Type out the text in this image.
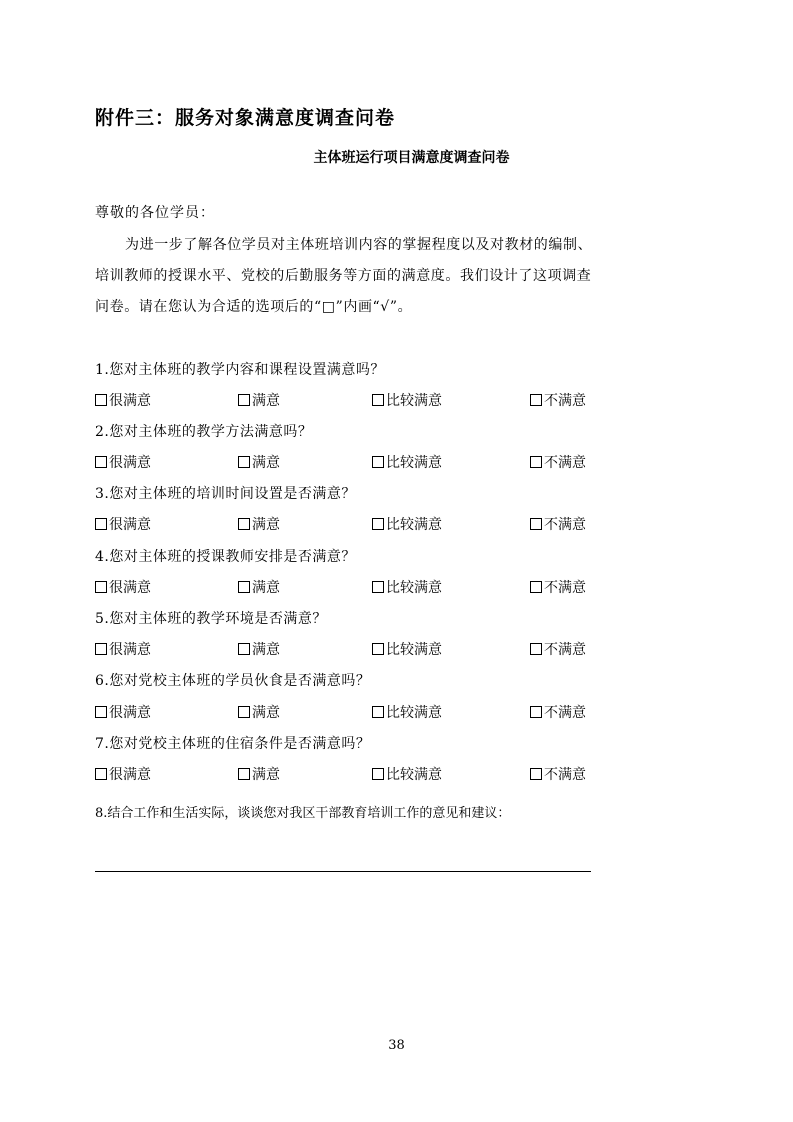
附件三：服务对象满意度调查问卷
主体班运行项目满意度调查问卷
尊敬的各位学员：
为进一步了解各位学员对主体班培训内容的掌握程度以及对教材的编制、培训教师的授课水平、党校的后勤服务等方面的满意度。我们设计了这项调查问卷。请在您认为合适的选项后的“□”内画“√”。
1.您对主体班的教学内容和课程设置满意吗？
很满意	满意	比较满意	不满意
2.您对主体班的教学方法满意吗？
很满意	满意	比较满意	不满意
3.您对主体班的培训时间设置是否满意？
很满意	满意	比较满意	不满意
4.您对主体班的授课教师安排是否满意？
很满意	满意	比较满意	不满意
5.您对主体班的教学环境是否满意？
很满意	满意	比较满意	不满意
6.您对党校主体班的学员伙食是否满意吗？
很满意	满意	比较满意	不满意
7.您对党校主体班的住宿条件是否满意吗？
很满意	满意	比较满意	不满意
8.结合工作和生活实际，谈谈您对我区干部教育培训工作的意见和建议：
38
